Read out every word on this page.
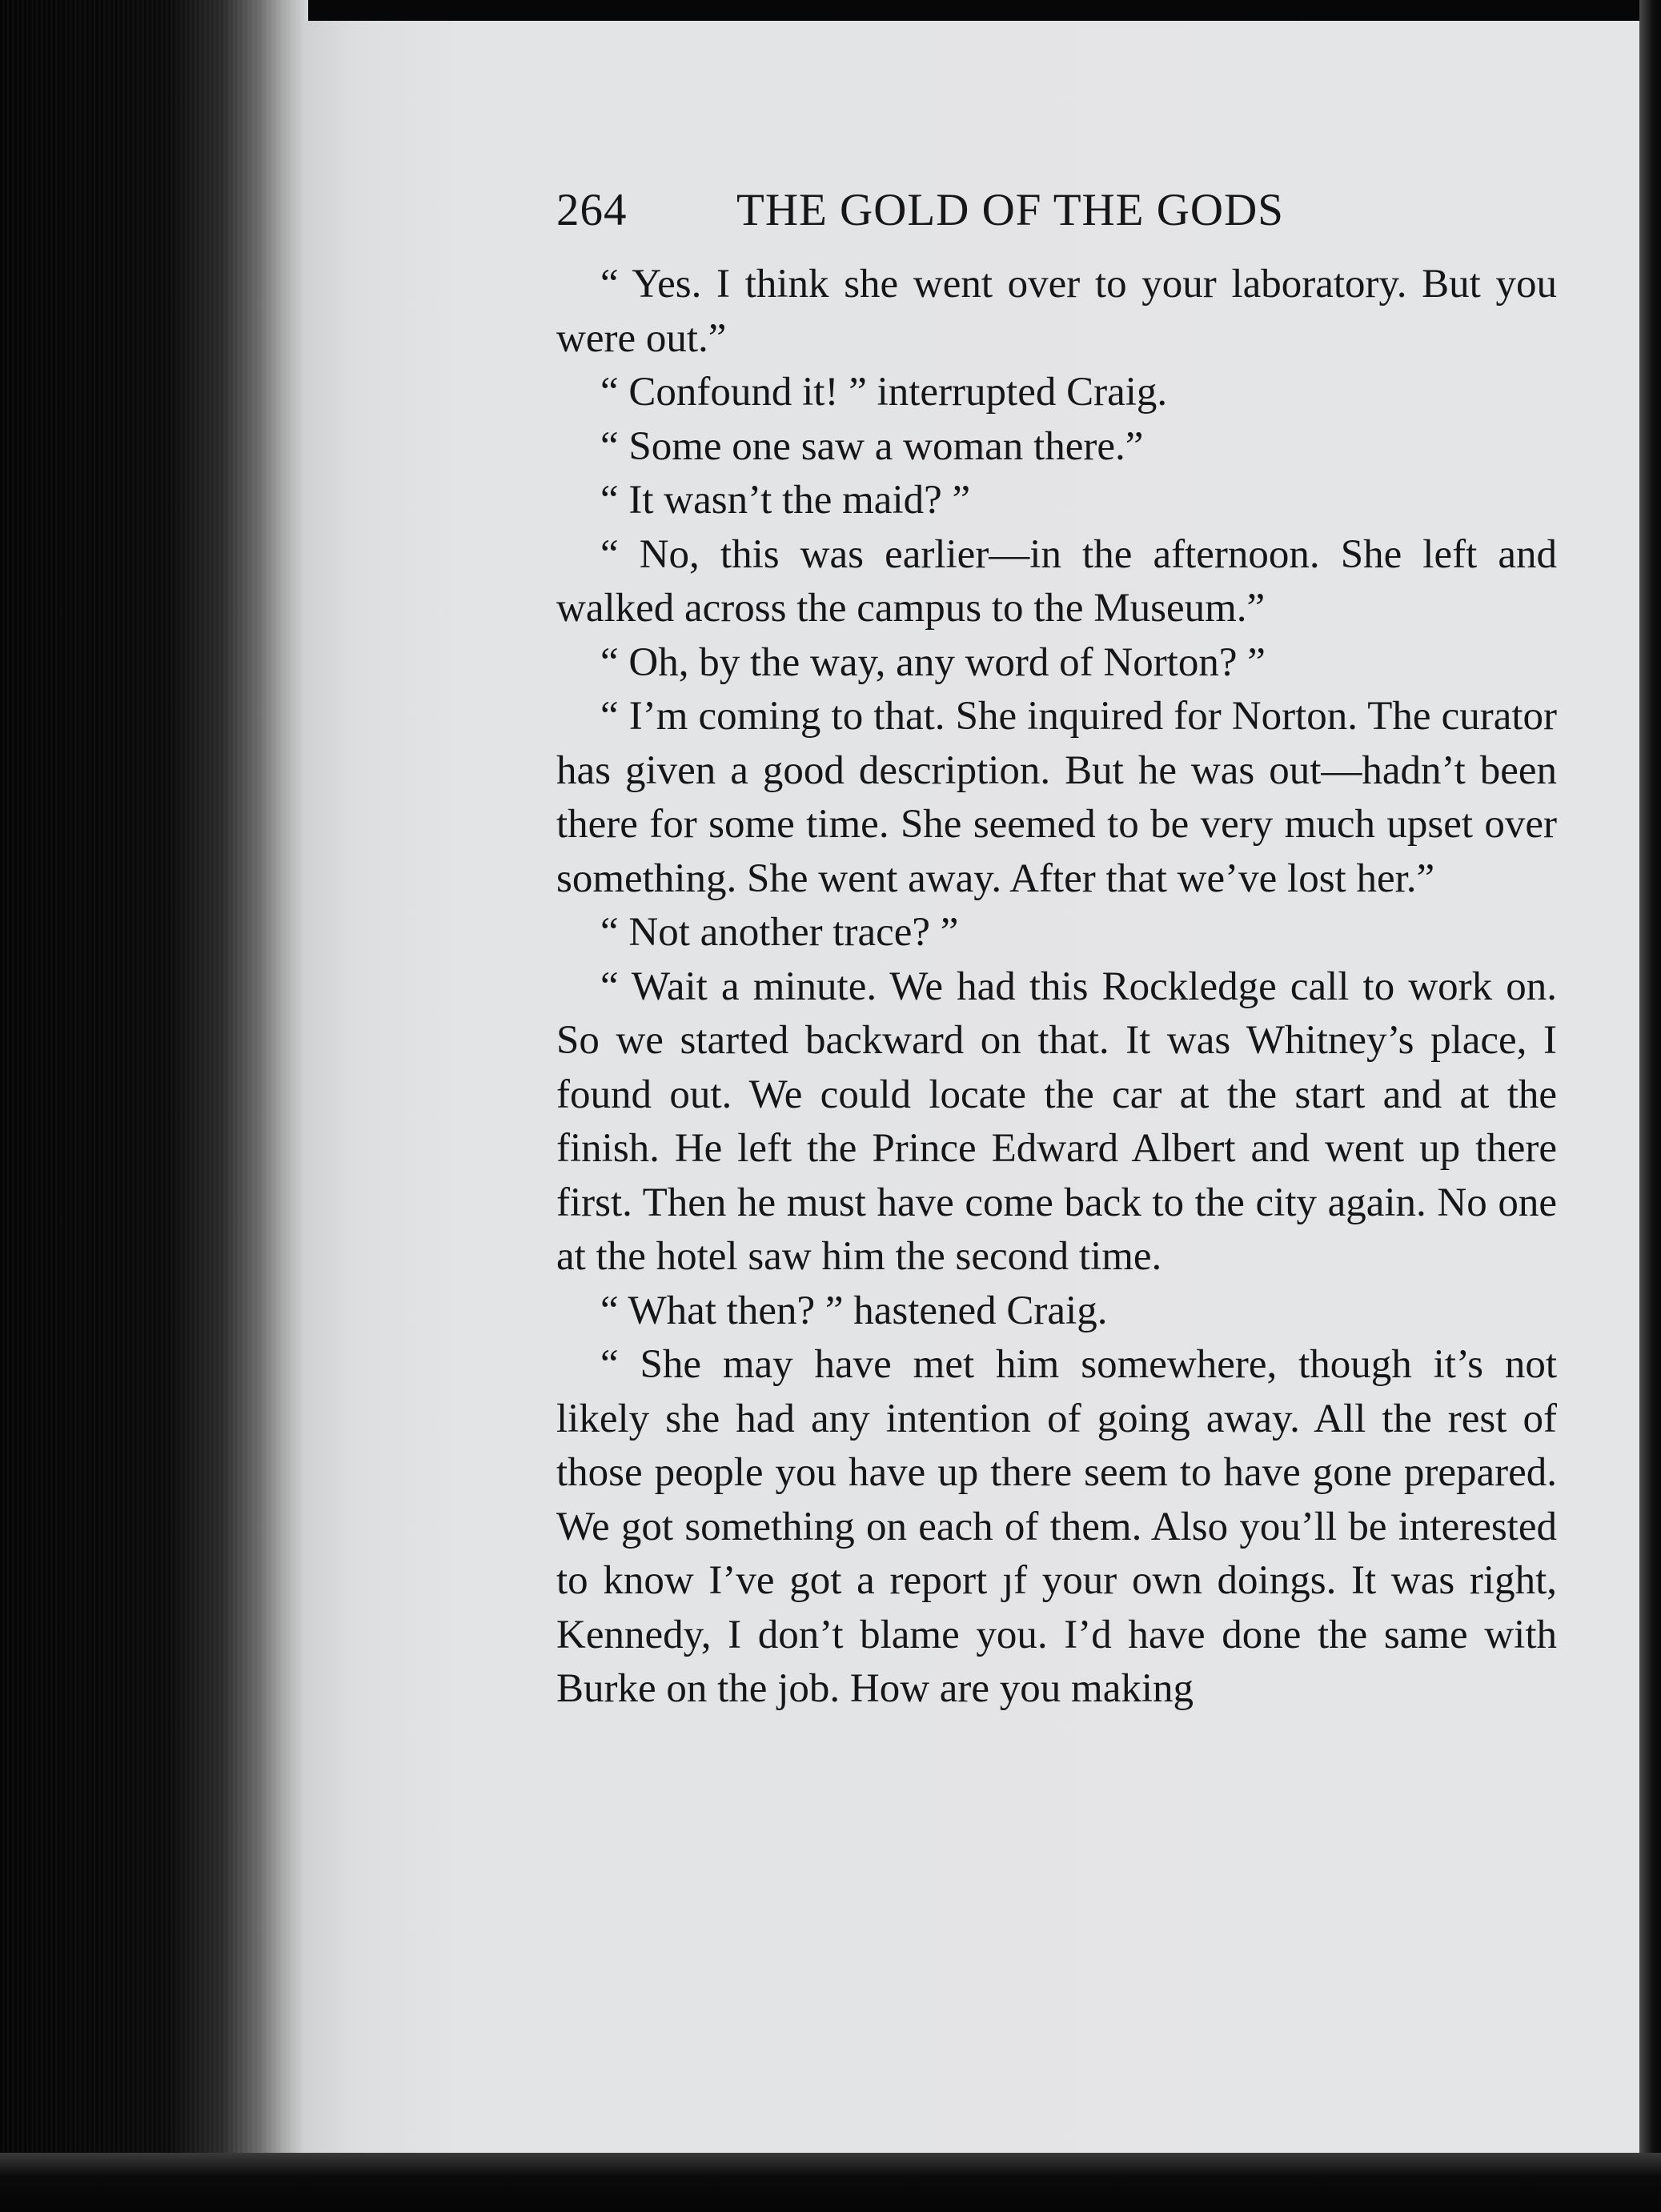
264 THE GOLD OF THE GODS

“ Yes. I think she went over to your laboratory. But you were out.”

“ Confound it! ” interrupted Craig.

“ Some one saw a woman there.”

“ It wasn’t the maid? ”

“ No, this was earlier—in the afternoon. She left and walked across the campus to the Museum.”

“ Oh, by the way, any word of Norton? ”

“ I’m coming to that. She inquired for Norton. The curator has given a good description. But he was out—hadn’t been there for some time. She seemed to be very much upset over something. She went away. After that we’ve lost her.”

“ Not another trace? ”

“ Wait a minute. We had this Rockledge call to work on. So we started backward on that. It was Whitney’s place, I found out. We could locate the car at the start and at the finish. He left the Prince Edward Albert and went up there first. Then he must have come back to the city again. No one at the hotel saw him the second time.

“ What then? ” hastened Craig.

“ She may have met him somewhere, though it’s not likely she had any intention of going away. All the rest of those people you have up there seem to have gone prepared. We got something on each of them. Also you’ll be interested to know I’ve got a report ȷf your own doings. It was right, Kennedy, I don’t blame you. I’d have done the same with Burke on the job. How are you making
